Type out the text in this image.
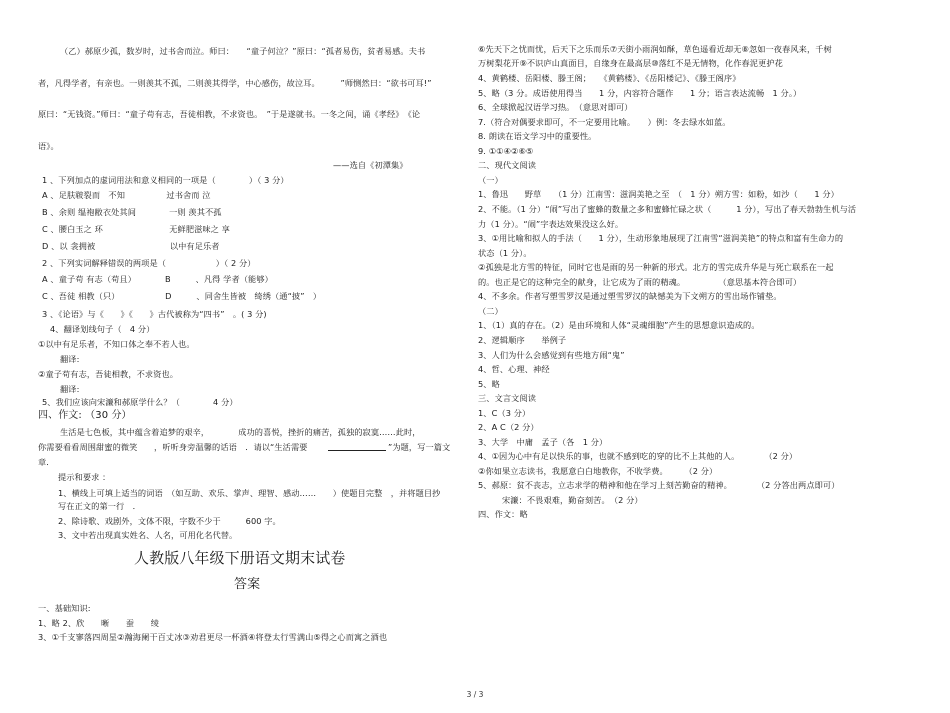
（乙）郝原少孤，数岁时，过书舍而泣。师曰：　　“童子何泣？”原曰：“孤者易伤，贫者易感。夫书
者，凡得学者，有亲也。一则羡其不孤，二则羡其得学，中心感伤，故泣耳。　　　”师恻然曰：“欲书可耳!”
原曰：“无钱资。”师曰：“童子苟有志，吾徒相教，不求资也。　”于是遂就书。一冬之间，诵《孝经》　《论
语》。
——选自《初潭集》
1 、下列加点的虚词用法和意义相同的一项是（　　　　）（ 3 分）
A 、足肤皲裂而　不知　　　　　过书舍而 泣
B 、余则 缊袍敝衣处其间　　　　一则 羡其不孤
C 、腰白玉之 环　　　　　　　　无鲜肥滋味之 享
D 、以 衾拥被　　　　　　　　　以中有足乐者
2 、下列实词解释错误的两项是（　　　　　　）（ 2 分）
A 、童子苟 有志（苟且）　　　　B　　　、凡得 学者（能够）
C 、吾徒 相教（只）　　　　　　D　　　、同舍生皆被　绮绣（通“披”　）
3 、《论语》与《　　》《　　》古代被称为“四书”　。( 3 分)
4、翻译划线句子（　4 分）
①以中有足乐者，不知口体之奉不若人也。
翻译:
②童子苟有志，吾徒相教，不求资也。
翻译:
5、我们应该向宋濂和郝原学什么？（　　　　4 分）
四、作文: （30 分）
生活是七色板，其中蕴含着追梦的艰辛，　　　　成功的喜悦，挫折的痛苦，孤独的寂寞……此时，
你需要看看周围甜蜜的微笑　　，听听身旁温馨的话语　．请以“生活需要	”为题，写一篇文
章．
提示和要求 ：
1、横线上可填上适当的词语　（如互助、欢乐、掌声、理智、感动……　　）使题目完整　，并将题目抄
写在正文的第一行　．
2、除诗歌、戏剧外，文体不限，字数不少于　　　600 字。
3、文中若出现真实姓名、人名，可用化名代替。
人教版八年级下册语文期末试卷
答案
一、基础知识:
1、略 2、欣　　晰　　蚕　　绫
3、①千支寥落四周星②瀚海阑干百丈冰③劝君更尽一杯酒④将登太行雪满山⑤得之心而寓之酒也
⑥先天下之忧而忧，后天下之乐而乐⑦天街小雨润如酥，草色遥看近却无⑧忽如一夜春风来，千树
万树梨花开⑨不识庐山真面目，自缘身在最高层⑩落红不是无情物，化作春泥更护花
4、黄鹤楼、岳阳楼、滕王阁；　　《黄鹤楼》、《岳阳楼记》、《滕王阁序》
5、略（3 分。成语使用得当　　1 分，内容符合题作　　1 分；语言表达流畅　1 分。）
6、全球掀起汉语学习热。　（意思对即可）
7.（符合对偶要求即可，不一定要用比喻。　　）例：冬去绿水如蓝。
8. 朗读在语文学习中的重要性。
9. ①①④②⑥⑤
二、现代文阅读
（一）
1、鲁迅　　野草　　（1 分）江南雪：滋润美艳之至　（　1 分）朔方雪：如粉，如沙（　　1 分）
2、不能。（1 分）“闹”写出了蜜蜂的数量之多和蜜蜂忙碌之状（　　　1 分），写出了春天勃勃生机与活
力（1 分）。“闹”字表达效果没这么好。
3、①用比喻和拟人的手法（　　1 分），生动形象地展现了江南雪“滋润美艳”的特点和富有生命力的
状态（1 分）。
②孤独是北方雪的特征，同时它也是雨的另一种新的形式。北方的雪完成升华是与死亡联系在一起
的。也正是它的这种完全的献身，让它成为了雨的精魂。　　　　　（意思基本符合即可）
4、不多余。作者写塑雪罗汉是通过塑雪罗汉的缺憾美为下文朔方的雪出场作铺垫。
（二）
1、（1）真的存在。（2）是由环境和人体“灵魂细胞”产生的思想意识造成的。
2、逻辑顺序　　举例子
3、人们为什么会感觉到有些地方闹“鬼”
4、哲、心理、神经
5、略
三、文言文阅读
1、C（3 分）
2、A C（2 分）
3、大学　中庸　孟子（各　1 分）
4、①因为心中有足以快乐的事，也就不感到吃的穿的比不上其他的人。　　　　（2 分）
②你如果立志读书，我愿意白白地教你，不收学费。　　　（2 分）
5、郝原：贫不丧志，立志求学的精神和他在学习上刻苦勤奋的精神。　　　　（2 分答出两点即可）
宋濂：不畏艰难，勤奋刻苦。　（2 分）
四、作文：略
3 / 3
